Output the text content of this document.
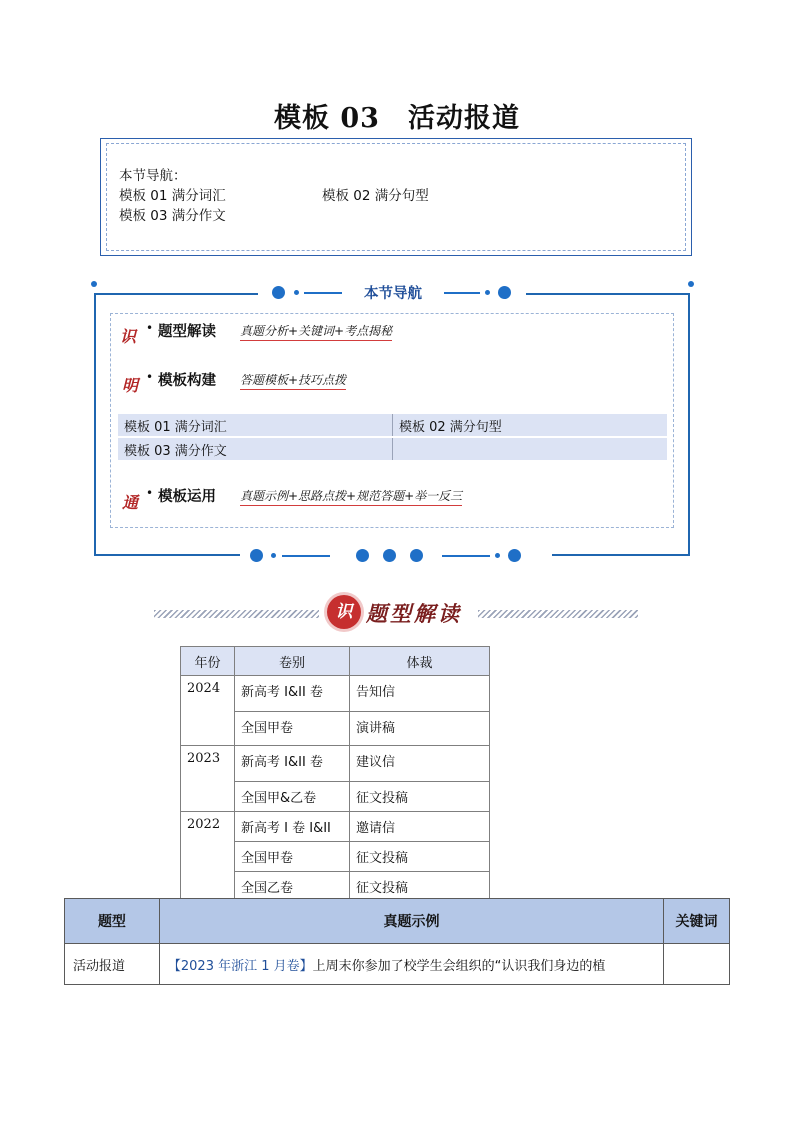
模板 03 活动报道
本节导航：
模板 01 满分词汇	模板 02 满分句型
模板 03 满分作文
本节导航
识 • 题型解读 真题分析+关键词+考点揭秘
明 • 模板构建 答题模板+技巧点拨
模板 01 满分词汇	模板 02 满分句型
模板 03 满分作文	
通 • 模板运用 真题示例+思路点拨+规范答题+举一反三
识 题型解读
年份	卷别	体裁
2024	新高考 I&II 卷	告知信
	全国甲卷	演讲稿
2023	新高考 I&II 卷	建议信
	全国甲&乙卷	征文投稿
2022	新高考 I 卷 I&II	邀请信
	全国甲卷	征文投稿
	全国乙卷	征文投稿
题型	真题示例	关键词
活动报道	【2023 年浙江 1 月卷】上周末你参加了校学生会组织的“认识我们身边的植	
